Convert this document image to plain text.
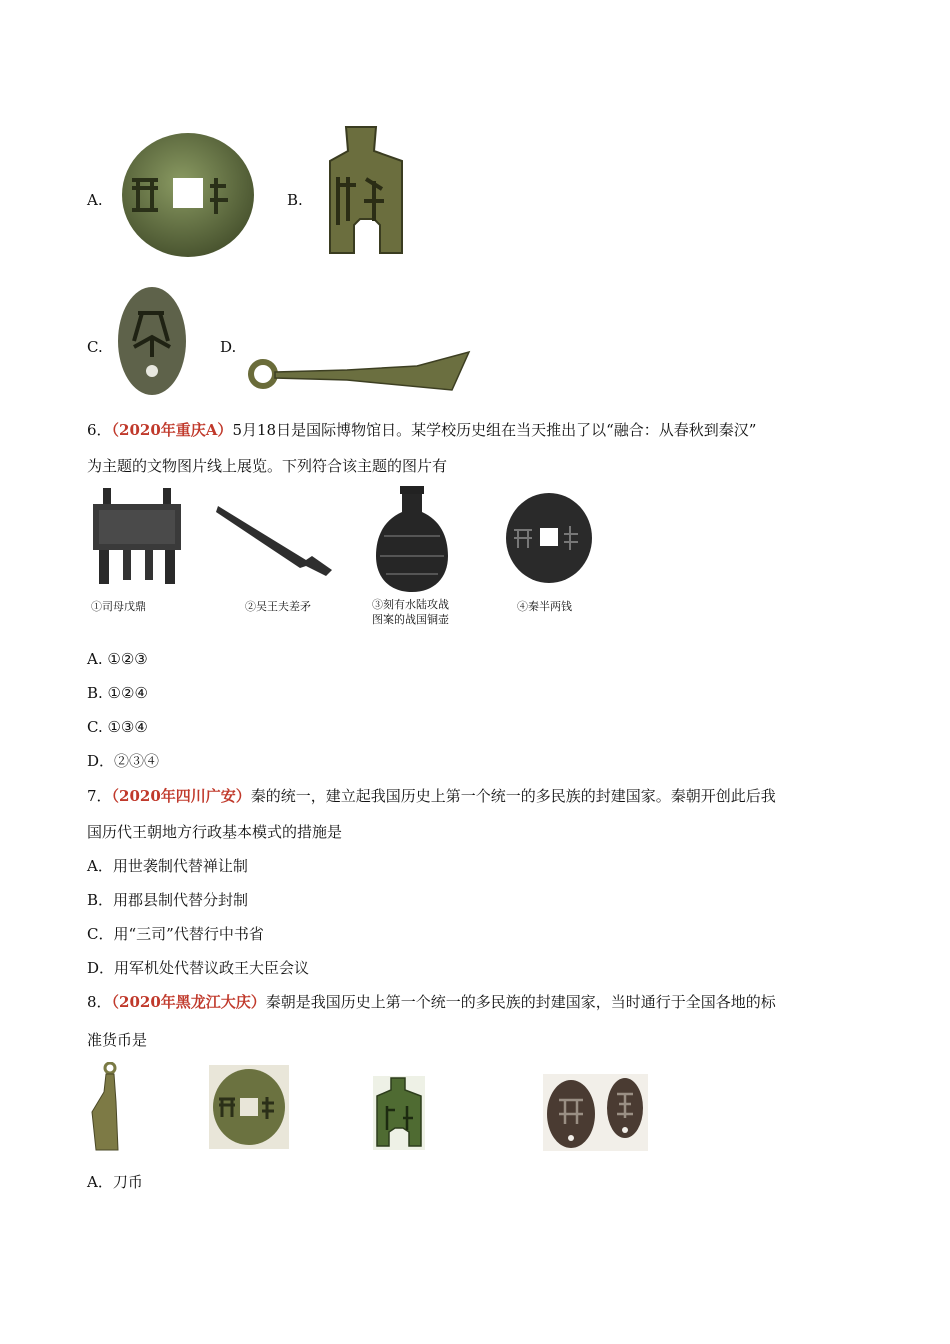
A.	B.
C.	D.
6．（2020年重庆A）5月18日是国际博物馆日。某学校历史组在当天推出了以“融合：从春秋到秦汉”
为主题的文物图片线上展览。下列符合该主题的图片有
①司母戊鼎	②吴王夫差矛	③刻有水陆攻战
图案的战国铜壶
④秦半两钱
A. ①②③
B. ①②④
C. ①③④
D．②③④
7．（2020年四川广安）秦的统一，建立起我国历史上第一个统一的多民族的封建国家。秦朝开创此后我
国历代王朝地方行政基本模式的措施是
A．用世袭制代替禅让制
B．用郡县制代替分封制
C．用“三司”代替行中书省
D．用军机处代替议政王大臣会议
8．（2020年黑龙江大庆）秦朝是我国历史上第一个统一的多民族的封建国家，当时通行于全国各地的标
准货币是
A．刀币
